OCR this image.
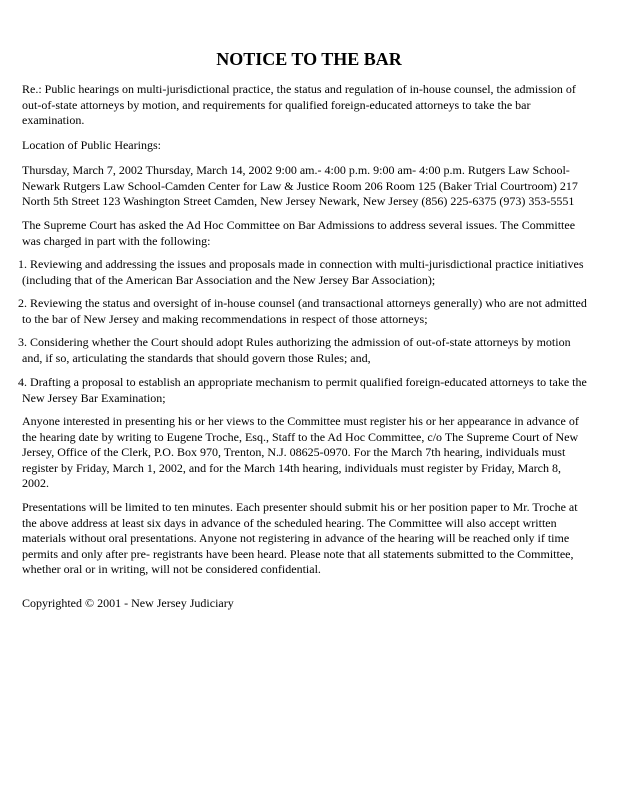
NOTICE TO THE BAR

Re.: Public hearings on multi-jurisdictional practice, the status and regulation of in-house counsel, the admission of
out-of-state attorneys by motion, and requirements for qualified foreign-educated attorneys to take the bar
examination.

Location of Public Hearings:

Thursday, March 7, 2002 Thursday, March 14, 2002 9:00 am.- 4:00 p.m. 9:00 am- 4:00 p.m. Rutgers Law School-
Newark Rutgers Law School-Camden Center for Law & Justice Room 206 Room 125 (Baker Trial Courtroom) 217
North 5th Street 123 Washington Street Camden, New Jersey Newark, New Jersey (856) 225-6375 (973) 353-5551

The Supreme Court has asked the Ad Hoc Committee on Bar Admissions to address several issues. The Committee
was charged in part with the following:

1. Reviewing and addressing the issues and proposals made in connection with multi-jurisdictional practice initiatives
(including that of the American Bar Association and the New Jersey Bar Association);

2. Reviewing the status and oversight of in-house counsel (and transactional attorneys generally) who are not admitted
to the bar of New Jersey and making recommendations in respect of those attorneys;

3. Considering whether the Court should adopt Rules authorizing the admission of out-of-state attorneys by motion
and, if so, articulating the standards that should govern those Rules; and,

4. Drafting a proposal to establish an appropriate mechanism to permit qualified foreign-educated attorneys to take the
New Jersey Bar Examination;

Anyone interested in presenting his or her views to the Committee must register his or her appearance in advance of
the hearing date by writing to Eugene Troche, Esq., Staff to the Ad Hoc Committee, c/o The Supreme Court of New
Jersey, Office of the Clerk, P.O. Box 970, Trenton, N.J. 08625-0970. For the March 7th hearing, individuals must
register by Friday, March 1, 2002, and for the March 14th hearing, individuals must register by Friday, March 8,
2002.

Presentations will be limited to ten minutes. Each presenter should submit his or her position paper to Mr. Troche at
the above address at least six days in advance of the scheduled hearing. The Committee will also accept written
materials without oral presentations. Anyone not registering in advance of the hearing will be reached only if time
permits and only after pre- registrants have been heard. Please note that all statements submitted to the Committee,
whether oral or in writing, will not be considered confidential.

Copyrighted © 2001 - New Jersey Judiciary
